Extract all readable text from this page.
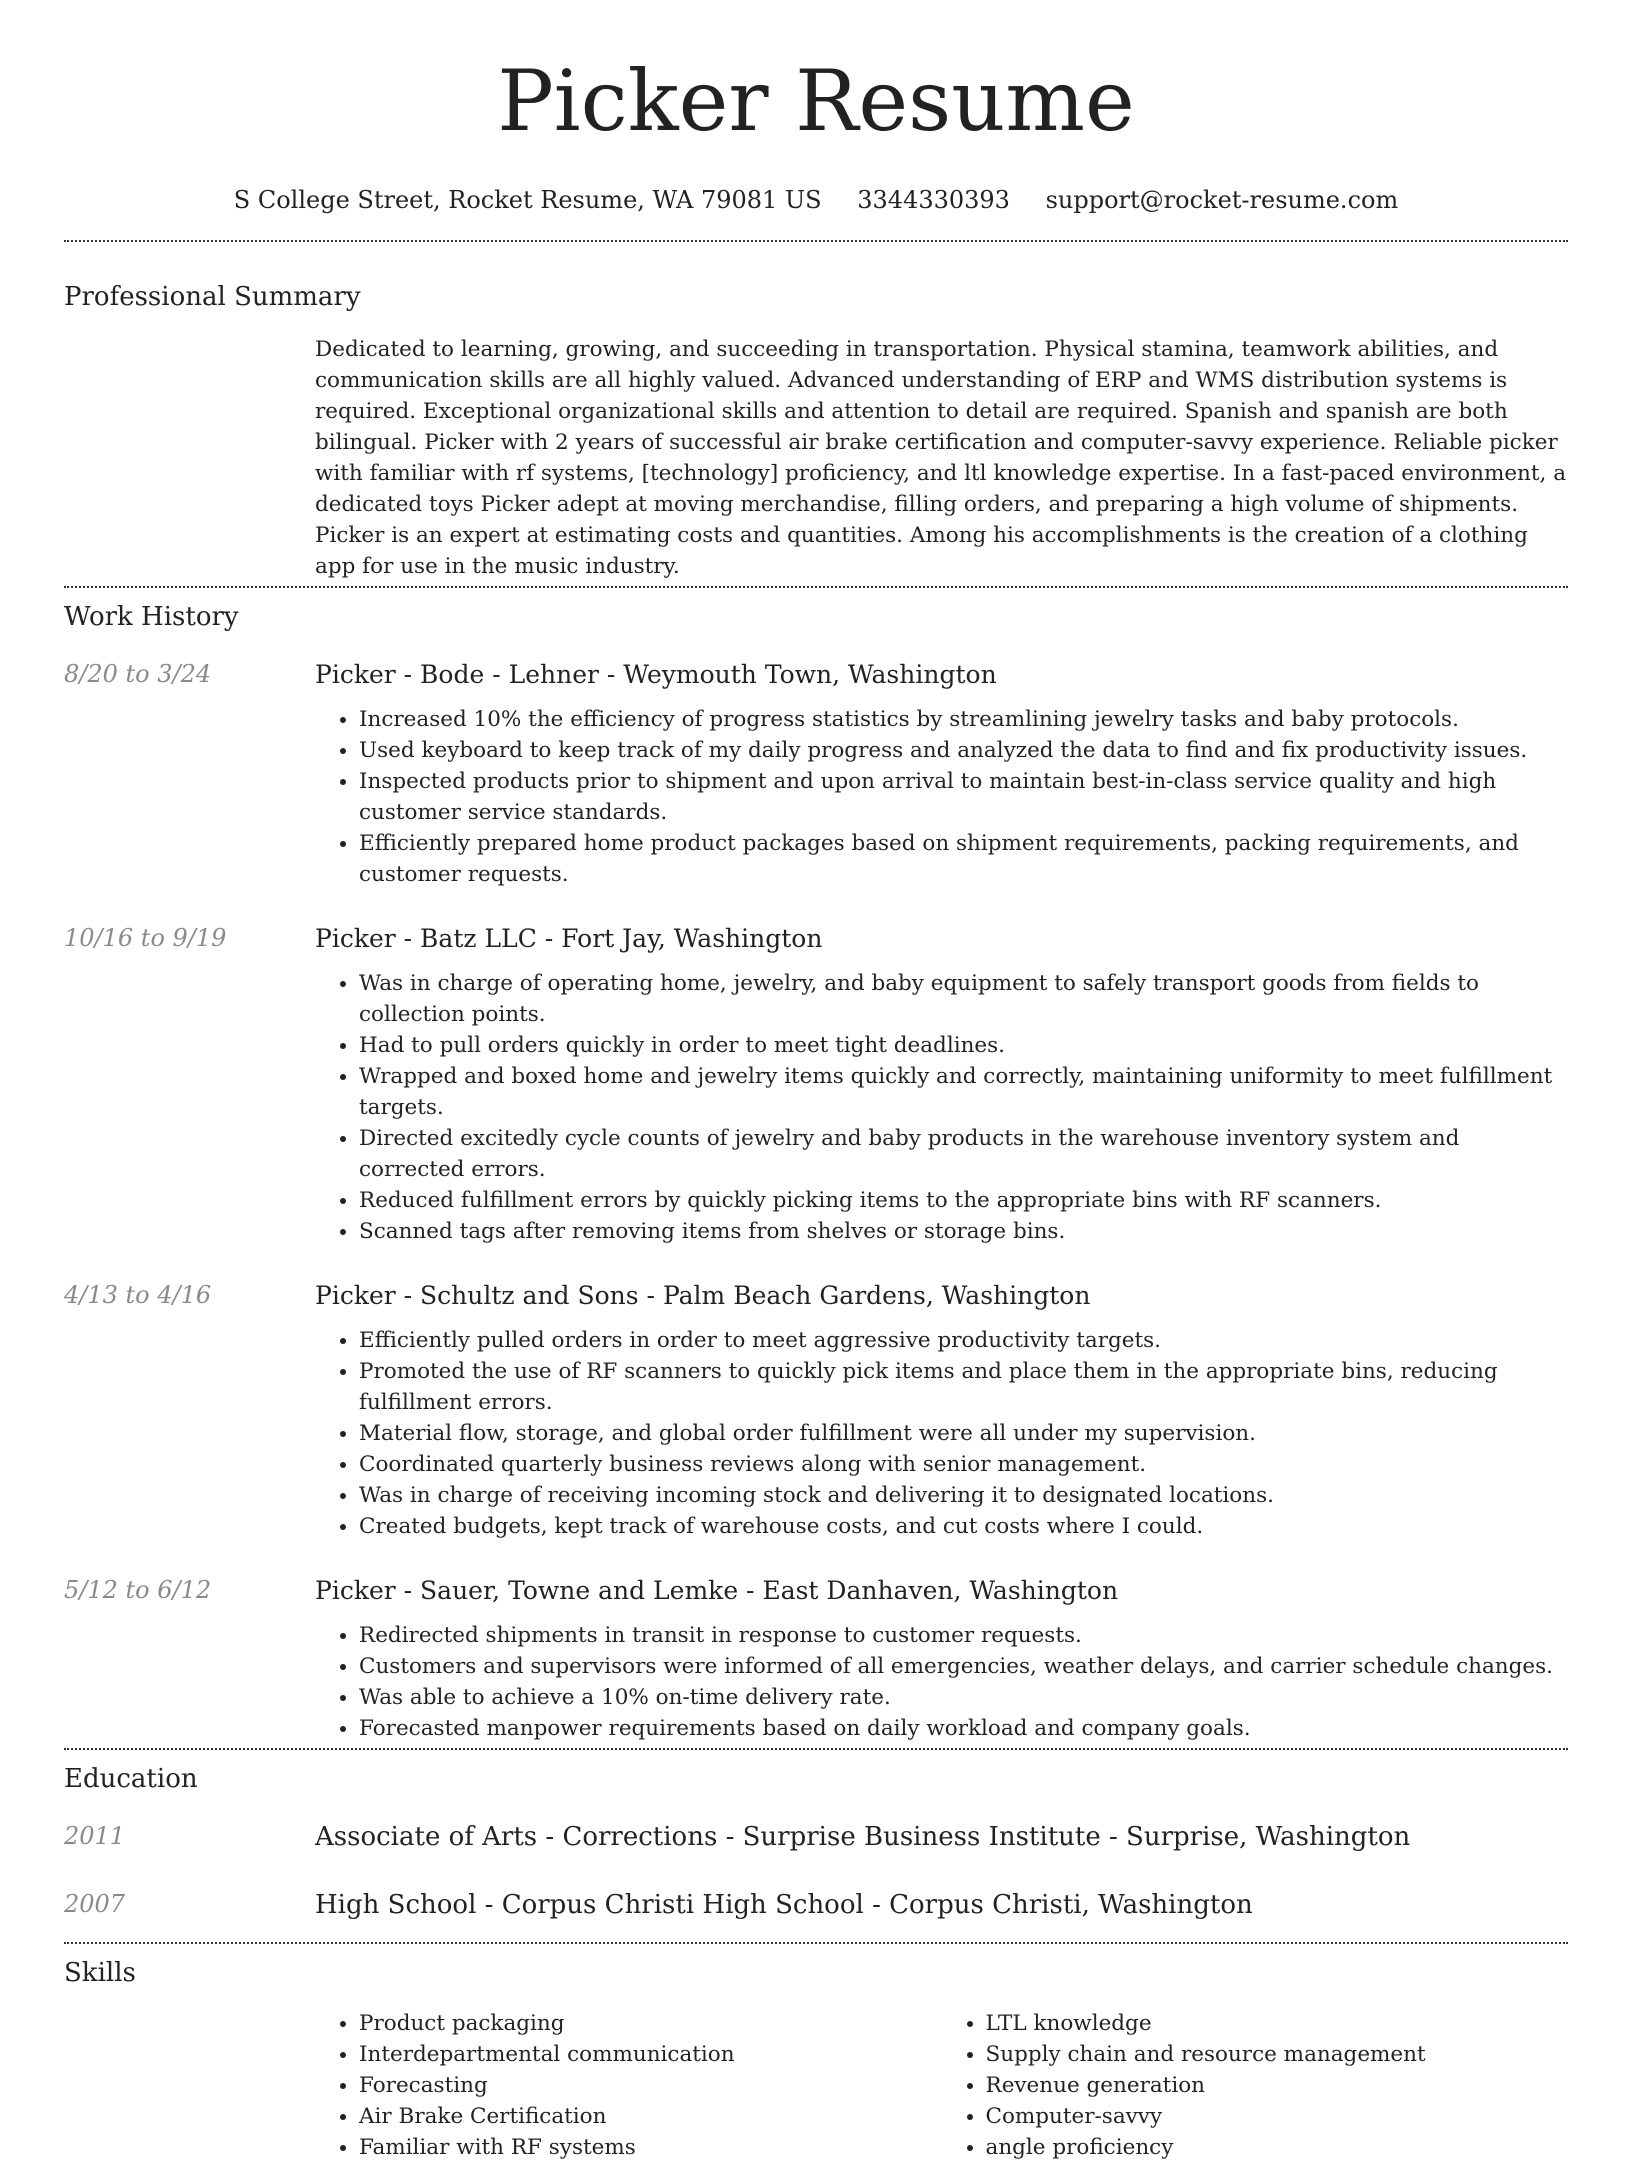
Picker Resume
S College Street, Rocket Resume, WA 79081 US 3344330393 support@rocket-resume.com
Professional Summary
Dedicated to learning, growing, and succeeding in transportation. Physical stamina, teamwork abilities, and communication skills are all highly valued. Advanced understanding of ERP and WMS distribution systems is required. Exceptional organizational skills and attention to detail are required. Spanish and spanish are both bilingual. Picker with 2 years of successful air brake certification and computer-savvy experience. Reliable picker with familiar with rf systems, [technology] proficiency, and ltl knowledge expertise. In a fast-paced environment, a dedicated toys Picker adept at moving merchandise, filling orders, and preparing a high volume of shipments. Picker is an expert at estimating costs and quantities. Among his accomplishments is the creation of a clothing app for use in the music industry.
Work History
8/20 to 3/24	Picker - Bode - Lehner - Weymouth Town, Washington
• Increased 10% the efficiency of progress statistics by streamlining jewelry tasks and baby protocols.
• Used keyboard to keep track of my daily progress and analyzed the data to find and fix productivity issues.
• Inspected products prior to shipment and upon arrival to maintain best-in-class service quality and high customer service standards.
• Efficiently prepared home product packages based on shipment requirements, packing requirements, and customer requests.
10/16 to 9/19	Picker - Batz LLC - Fort Jay, Washington
• Was in charge of operating home, jewelry, and baby equipment to safely transport goods from fields to collection points.
• Had to pull orders quickly in order to meet tight deadlines.
• Wrapped and boxed home and jewelry items quickly and correctly, maintaining uniformity to meet fulfillment targets.
• Directed excitedly cycle counts of jewelry and baby products in the warehouse inventory system and corrected errors.
• Reduced fulfillment errors by quickly picking items to the appropriate bins with RF scanners.
• Scanned tags after removing items from shelves or storage bins.
4/13 to 4/16	Picker - Schultz and Sons - Palm Beach Gardens, Washington
• Efficiently pulled orders in order to meet aggressive productivity targets.
• Promoted the use of RF scanners to quickly pick items and place them in the appropriate bins, reducing fulfillment errors.
• Material flow, storage, and global order fulfillment were all under my supervision.
• Coordinated quarterly business reviews along with senior management.
• Was in charge of receiving incoming stock and delivering it to designated locations.
• Created budgets, kept track of warehouse costs, and cut costs where I could.
5/12 to 6/12	Picker - Sauer, Towne and Lemke - East Danhaven, Washington
• Redirected shipments in transit in response to customer requests.
• Customers and supervisors were informed of all emergencies, weather delays, and carrier schedule changes.
• Was able to achieve a 10% on-time delivery rate.
• Forecasted manpower requirements based on daily workload and company goals.
Education
2011	Associate of Arts - Corrections - Surprise Business Institute - Surprise, Washington
2007	High School - Corpus Christi High School - Corpus Christi, Washington
Skills
• Product packaging
• Interdepartmental communication
• Forecasting
• Air Brake Certification
• Familiar with RF systems
• LTL knowledge
• Supply chain and resource management
• Revenue generation
• Computer-savvy
• angle proficiency
